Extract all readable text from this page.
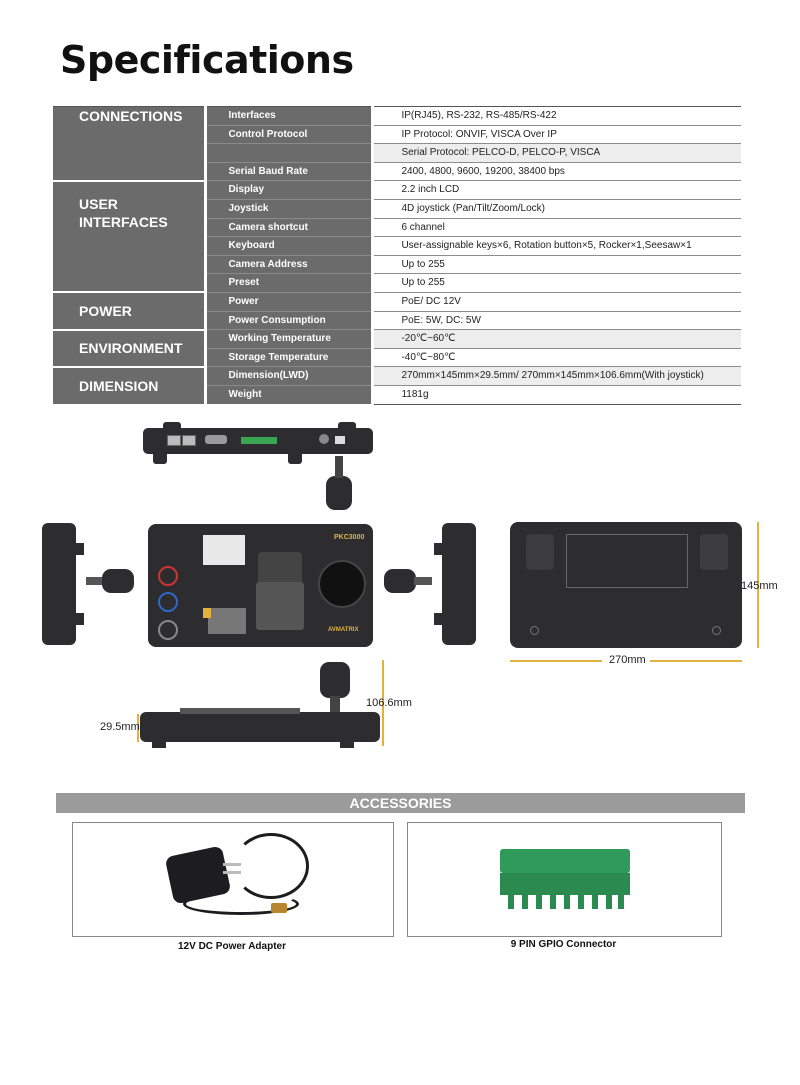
Specifications
CONNECTIONS	Interfaces	IP(RJ45), RS-232, RS-485/RS-422
	Control Protocol	IP Protocol: ONVIF, VISCA Over IP
		Serial Protocol: PELCO-D, PELCO-P, VISCA
	Serial Baud Rate	2400, 4800, 9600, 19200, 38400 bps

USER INTERFACES	Display	2.2 inch LCD
	Joystick	4D joystick (Pan/Tilt/Zoom/Lock)
	Camera shortcut	6 channel
	Keyboard	User-assignable keys×6, Rotation button×5, Rocker×1,Seesaw×1
	Camera Address	Up to 255
	Preset	Up to 255
POWER	Power	PoE/ DC 12V
	Power Consumption	PoE: 5W, DC: 5W
ENVIRONMENT	Working Temperature	-20℃~60℃
	Storage Temperature	-40℃~80℃
DIMENSION	Dimension(LWD)	270mm×145mm×29.5mm/ 270mm×145mm×106.6mm(With joystick)
	Weight	1181g
PKC3000
AVMATRIX
145mm
270mm
106.6mm
29.5mm
ACCESSORIES
12V DC Power Adapter	9 PIN GPIO Connector
